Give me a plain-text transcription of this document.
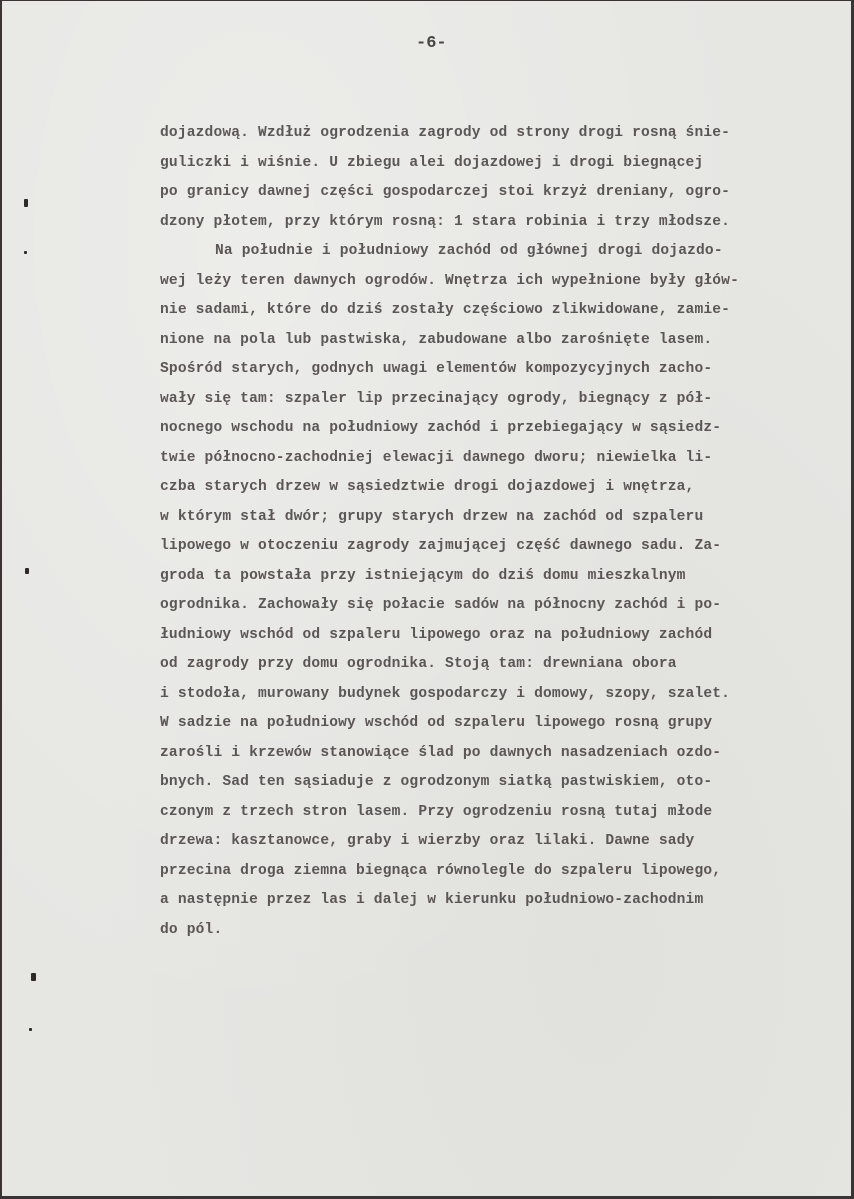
-6-
dojazdową. Wzdłuż ogrodzenia zagrody od strony drogi rosną śnie-
guliczki i wiśnie. U zbiegu alei dojazdowej i drogi biegnącej
po granicy dawnej części gospodarczej stoi krzyż dreniany, ogro-
dzony płotem, przy którym rosną: 1 stara robinia i trzy młodsze.
Na południe i południowy zachód od głównej drogi dojazdo-
wej leży teren dawnych ogrodów. Wnętrza ich wypełnione były głów-
nie sadami, które do dziś zostały częściowo zlikwidowane, zamie-
nione na pola lub pastwiska, zabudowane albo zarośnięte lasem.
Spośród starych, godnych uwagi elementów kompozycyjnych zacho-
wały się tam: szpaler lip przecinający ogrody, biegnący z pół-
nocnego wschodu na południowy zachód i przebiegający w sąsiedz-
twie północno-zachodniej elewacji dawnego dworu; niewielka li-
czba starych drzew w sąsiedztwie drogi dojazdowej i wnętrza,
w którym stał dwór; grupy starych drzew na zachód od szpaleru
lipowego w otoczeniu zagrody zajmującej część dawnego sadu. Za-
groda ta powstała przy istniejącym do dziś domu mieszkalnym
ogrodnika. Zachowały się połacie sadów na północny zachód i po-
łudniowy wschód od szpaleru lipowego oraz na południowy zachód
od zagrody przy domu ogrodnika. Stoją tam: drewniana obora
i stodoła, murowany budynek gospodarczy i domowy, szopy, szalet.
W sadzie na południowy wschód od szpaleru lipowego rosną grupy
zarośli i krzewów stanowiące ślad po dawnych nasadzeniach ozdo-
bnych. Sad ten sąsiaduje z ogrodzonym siatką pastwiskiem, oto-
czonym z trzech stron lasem. Przy ogrodzeniu rosną tutaj młode
drzewa: kasztanowce, graby i wierzby oraz lilaki. Dawne sady
przecina droga ziemna biegnąca równolegle do szpaleru lipowego,
a następnie przez las i dalej w kierunku południowo-zachodnim
do pól.
